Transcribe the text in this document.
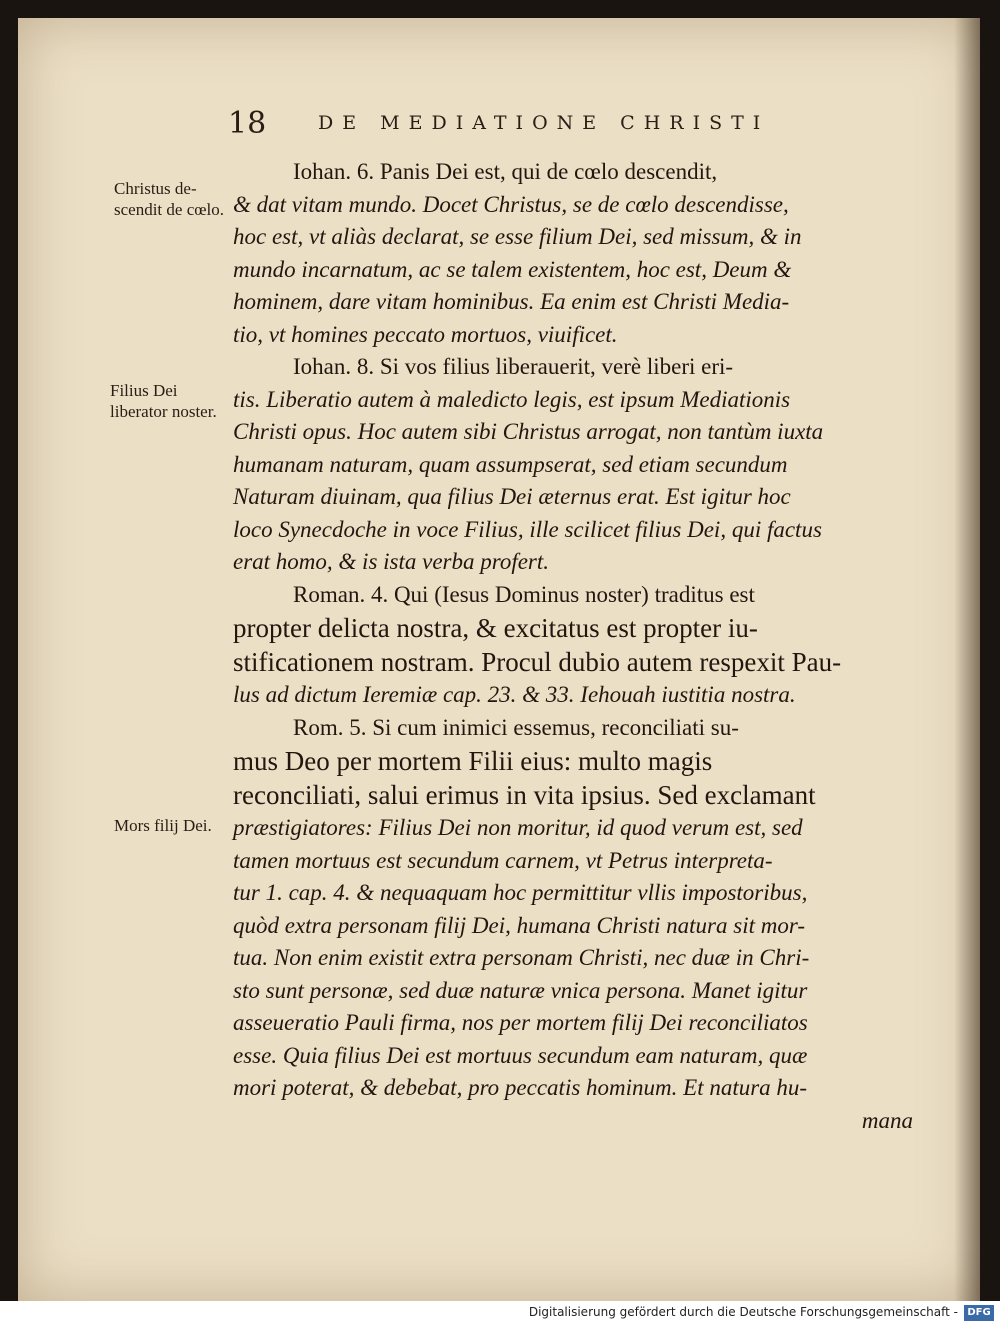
18	DE MEDIATIONE CHRISTI
Christus de- scendit de cœlo.
Filius Dei liberator noster.
Mors filij Dei.
Iohan. 6. Panis Dei est, qui de cœlo descendit,
& dat vitam mundo. Docet Christus, se de cœlo descendisse,
hoc est, vt aliàs declarat, se esse filium Dei, sed missum, & in
mundo incarnatum, ac se talem existentem, hoc est, Deum &
hominem, dare vitam hominibus. Ea enim est Christi Media-
tio, vt homines peccato mortuos, viuificet.
Iohan. 8. Si vos filius liberauerit, verè liberi eri-
tis. Liberatio autem à maledicto legis, est ipsum Mediationis
Christi opus. Hoc autem sibi Christus arrogat, non tantùm iuxta
humanam naturam, quam assumpserat, sed etiam secundum
Naturam diuinam, qua filius Dei æternus erat. Est igitur hoc
loco Synecdoche in voce Filius, ille scilicet filius Dei, qui factus
erat homo, & is ista verba profert.
Roman. 4. Qui (Iesus Dominus noster) traditus est
propter delicta nostra, & excitatus est propter iu-
stificationem nostram. Procul dubio autem respexit Pau-
lus ad dictum Ieremiæ cap. 23. & 33. Iehouah iustitia nostra.
Rom. 5. Si cum inimici essemus, reconciliati su-
mus Deo per mortem Filii eius: multo magis
reconciliati, salui erimus in vita ipsius. Sed exclamant
præstigiatores: Filius Dei non moritur, id quod verum est, sed
tamen mortuus est secundum carnem, vt Petrus interpreta-
tur 1. cap. 4. & nequaquam hoc permittitur vllis impostoribus,
quòd extra personam filij Dei, humana Christi natura sit mor-
tua. Non enim existit extra personam Christi, nec duæ in Chri-
sto sunt personæ, sed duæ naturæ vnica persona. Manet igitur
asseueratio Pauli firma, nos per mortem filij Dei reconciliatos
esse. Quia filius Dei est mortuus secundum eam naturam, quæ
mori poterat, & debebat, pro peccatis hominum. Et natura hu-
mana
Digitalisierung gefördert durch die Deutsche Forschungsgemeinschaft - DFG
